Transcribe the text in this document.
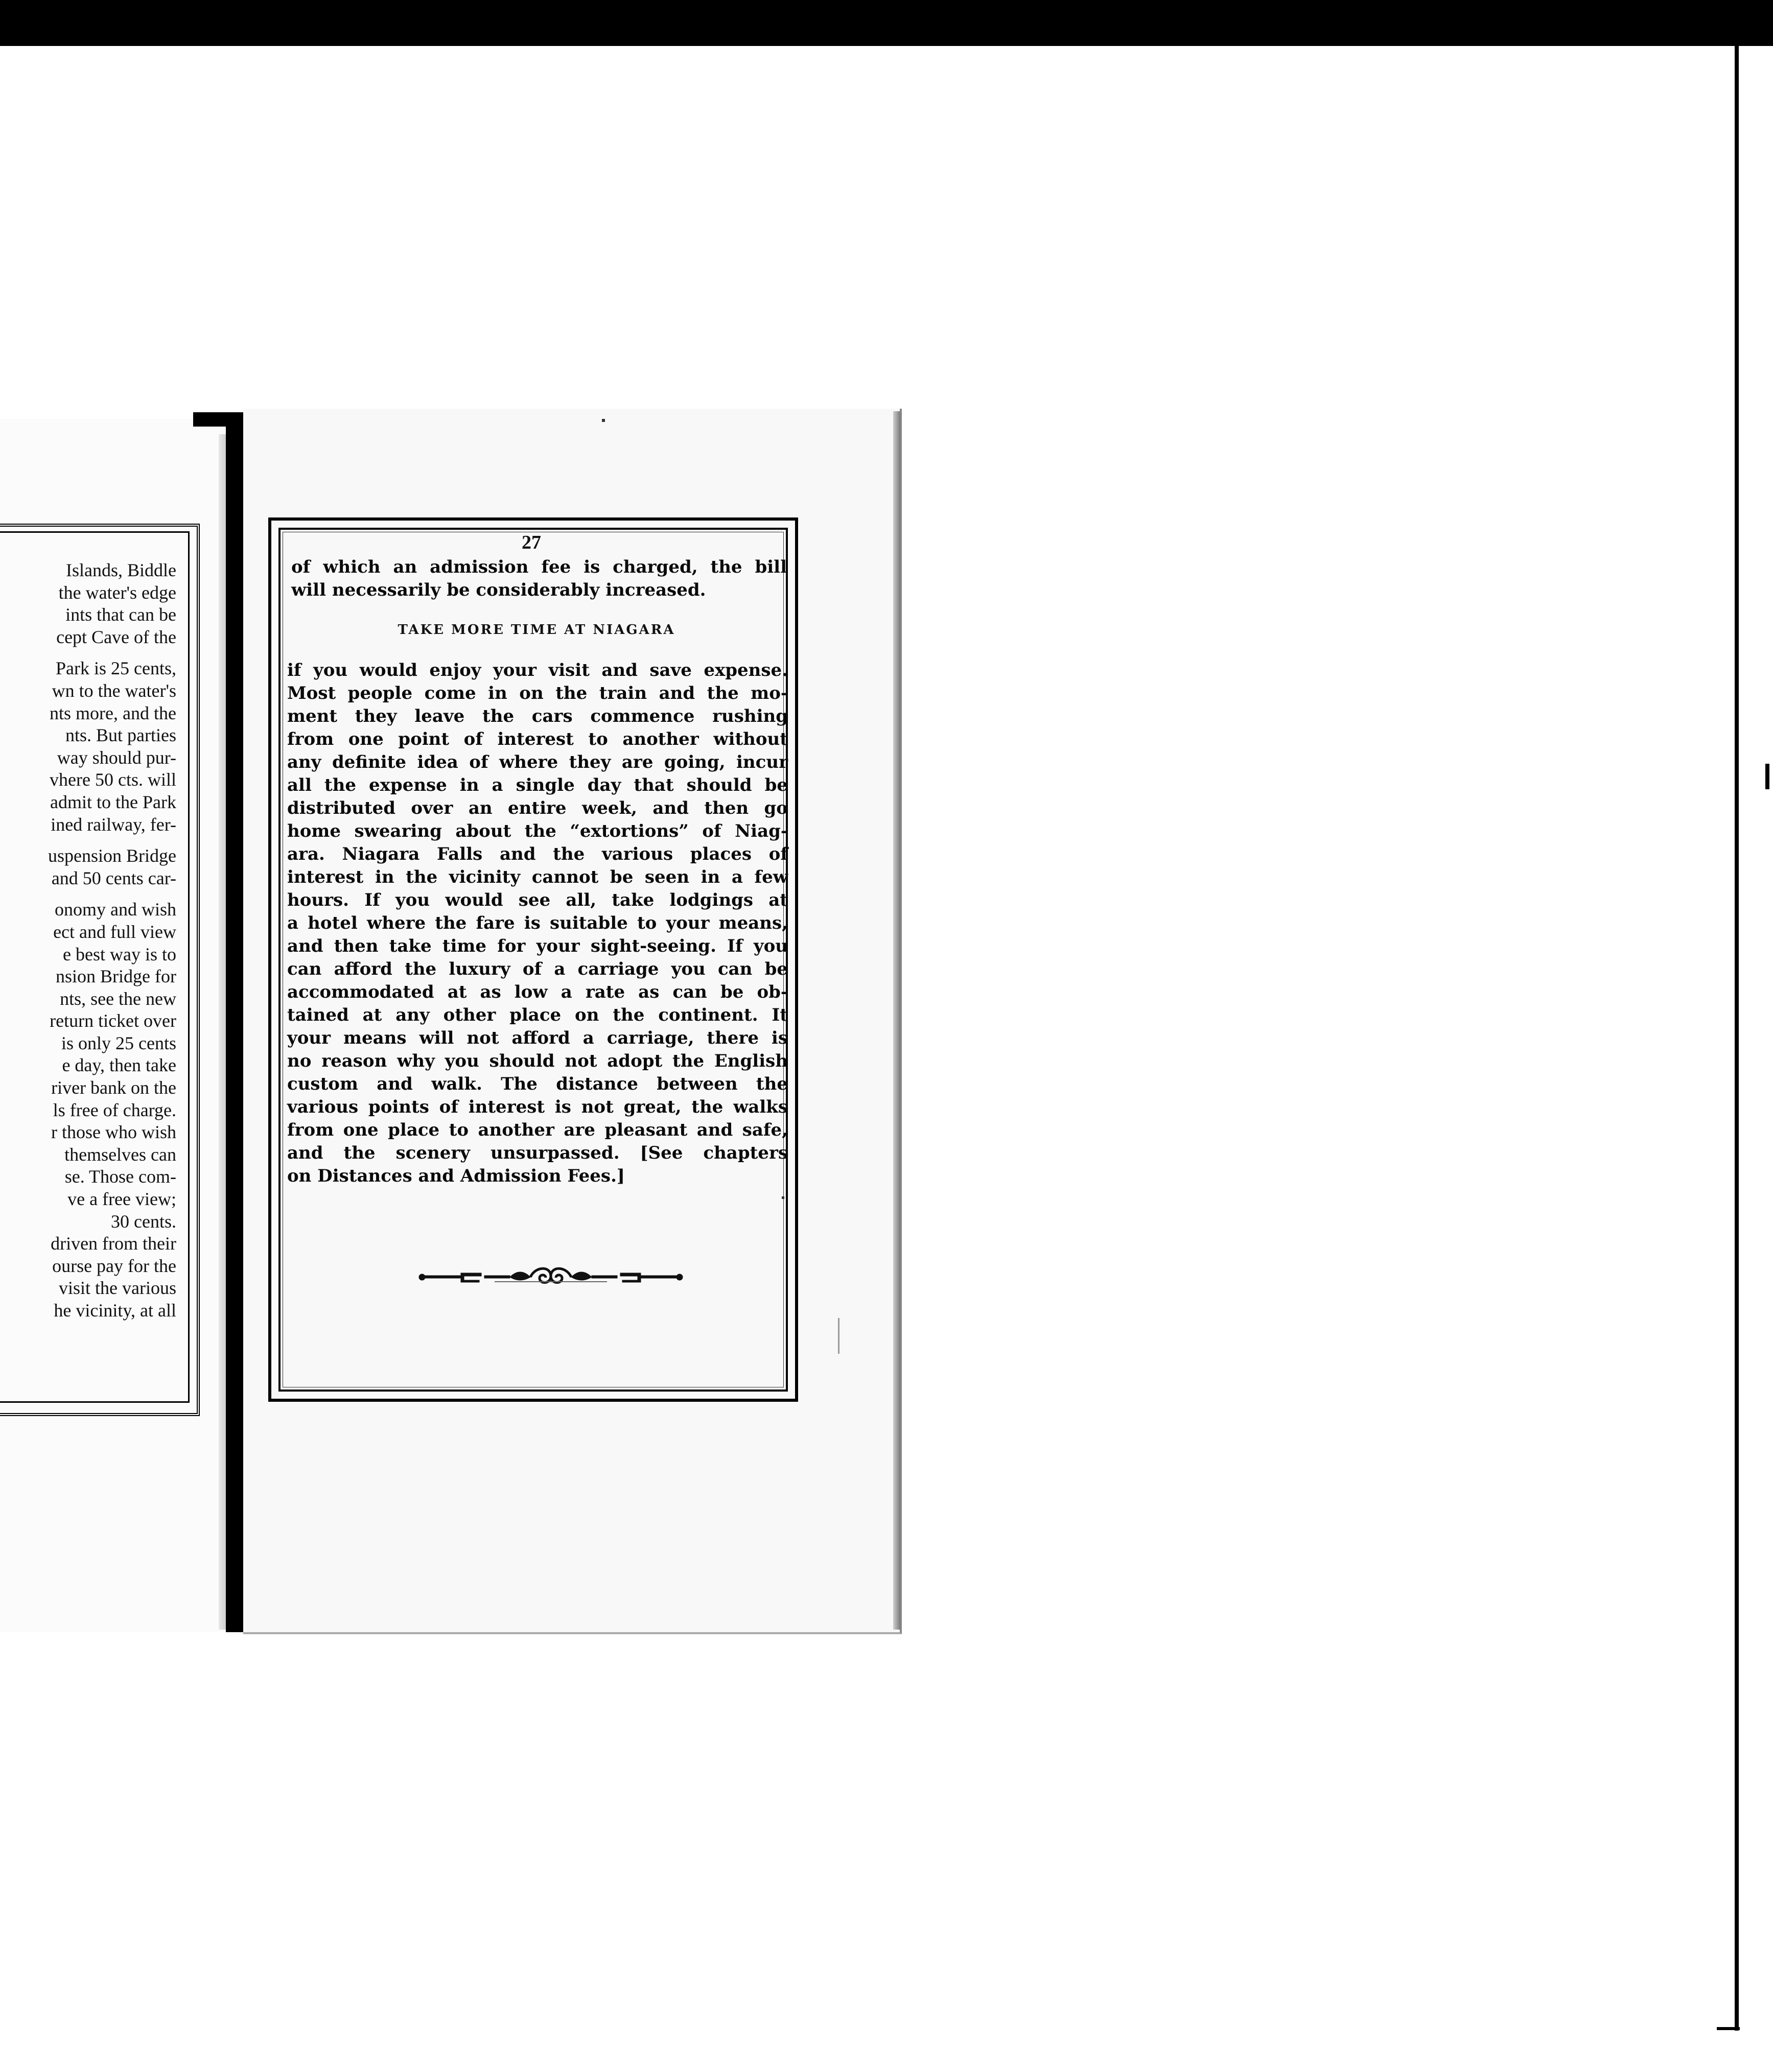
Islands, Biddle
the water's edge
ints that can be
cept Cave of the
Park is 25 cents,
wn to the water's
nts more, and the
nts. But parties
way should pur-
vhere 50 cts. will
admit to the Park
ined railway, fer-
uspension Bridge
and 50 cents car-
onomy and wish
ect and full view
e best way is to
nsion Bridge for
nts, see the new
return ticket over
is only 25 cents
e day, then take
river bank on the
ls free of charge.
r those who wish
themselves can
se. Those com-
ve a free view;
30 cents.
driven from their
ourse pay for the
visit the various
he vicinity, at all
27
of which an admission fee is charged, the bill
will necessarily be considerably increased.
TAKE MORE TIME AT NIAGARA
if you would enjoy your visit and save expense.
Most people come in on the train and the mo-
ment they leave the cars commence rushing
from one point of interest to another without
any definite idea of where they are going, incur
all the expense in a single day that should be
distributed over an entire week, and then go
home swearing about the “extortions” of Niag-
ara. Niagara Falls and the various places of
interest in the vicinity cannot be seen in a few
hours. If you would see all, take lodgings at
a hotel where the fare is suitable to your means,
and then take time for your sight-seeing. If you
can afford the luxury of a carriage you can be
accommodated at as low a rate as can be ob-
tained at any other place on the continent. It
your means will not afford a carriage, there is
no reason why you should not adopt the English
custom and walk. The distance between the
various points of interest is not great, the walks
from one place to another are pleasant and safe,
and the scenery unsurpassed. [See chapters
on Distances and Admission Fees.]
